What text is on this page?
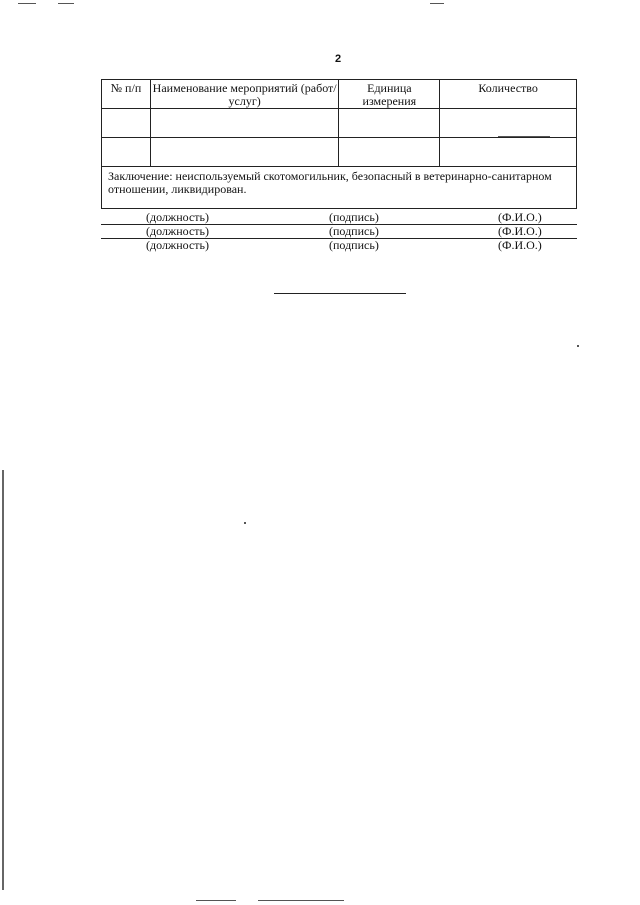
2
№ п/п	Наименование мероприятий (работ/услуг)	Единица измерения	Количество

Заключение: неиспользуемый скотомогильник, безопасный в ветеринарно-санитарном отношении, ликвидирован.			
(должность)	(подпись)	(Ф.И.О.)
(должность)	(подпись)	(Ф.И.О.)
(должность)	(подпись)	(Ф.И.О.)
